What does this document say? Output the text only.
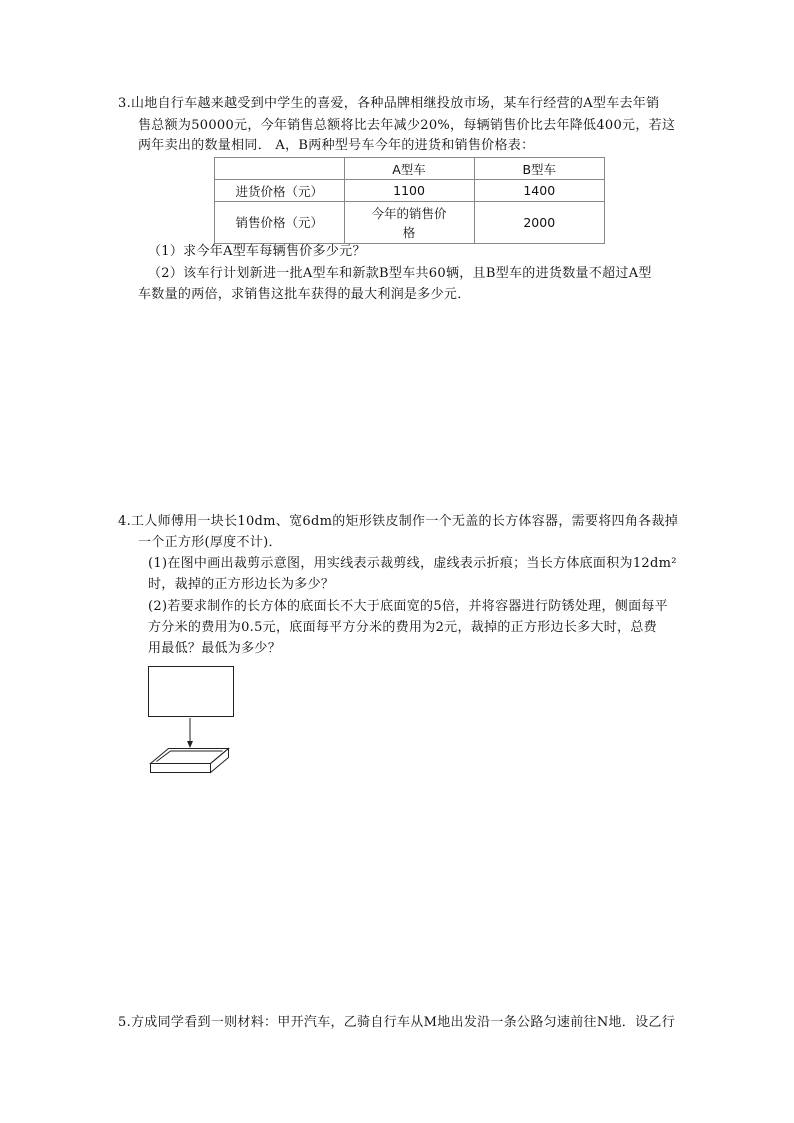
3.山地自行车越来越受到中学生的喜爱，各种品牌相继投放市场，某车行经营的A型车去年销
售总额为50000元，今年销售总额将比去年减少20%，每辆销售价比去年降低400元，若这
两年卖出的数量相同． A，B两种型号车今年的进货和销售价格表：
	A型车	B型车
进货价格（元）	1100	1400
销售价格（元）	今年的销售价格	2000
（1）求今年A型车每辆售价多少元？
（2）该车行计划新进一批A型车和新款B型车共60辆，且B型车的进货数量不超过A型
车数量的两倍，求销售这批车获得的最大利润是多少元．
4.工人师傅用一块长10dm、宽6dm的矩形铁皮制作一个无盖的长方体容器，需要将四角各裁掉
一个正方形(厚度不计)．
(1)在图中画出裁剪示意图，用实线表示裁剪线，虚线表示折痕；当长方体底面积为12dm²
时，裁掉的正方形边长为多少？
(2)若要求制作的长方体的底面长不大于底面宽的5倍，并将容器进行防锈处理，侧面每平
方分米的费用为0.5元，底面每平方分米的费用为2元，裁掉的正方形边长多大时，总费
用最低？最低为多少？
5.方成同学看到一则材料：甲开汽车，乙骑自行车从M地出发沿一条公路匀速前往N地．设乙行
